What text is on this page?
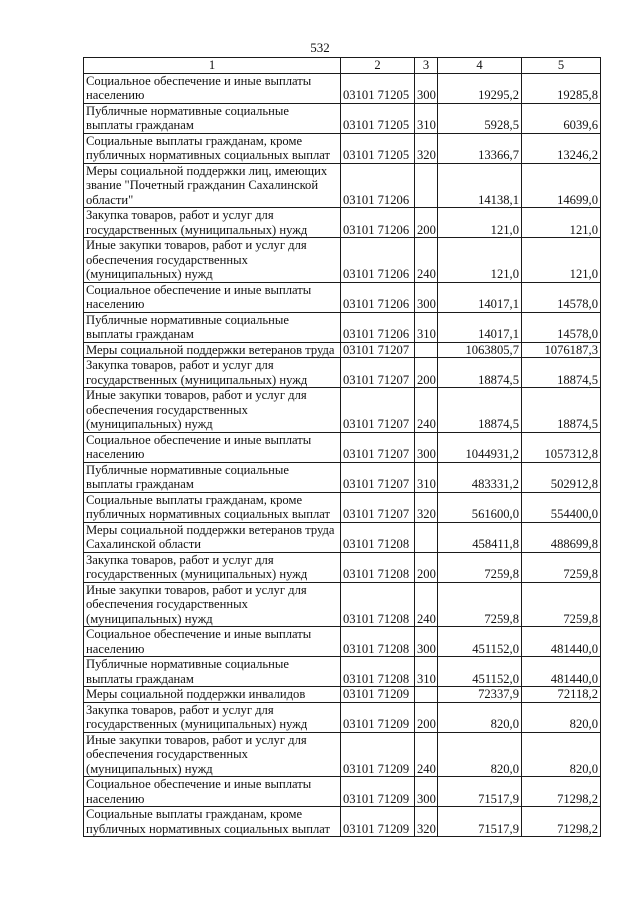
532
1	2	3	4	5
Социальное обеспечение и иные выплаты населению	03101 71205	300	19295,2	19285,8
Публичные нормативные социальные выплаты гражданам	03101 71205	310	5928,5	6039,6
Социальные выплаты гражданам, кроме публичных нормативных социальных выплат	03101 71205	320	13366,7	13246,2
Меры социальной поддержки лиц, имеющих звание "Почетный гражданин Сахалинской области"	03101 71206		14138,1	14699,0
Закупка товаров, работ и услуг для государственных (муниципальных) нужд	03101 71206	200	121,0	121,0
Иные закупки товаров, работ и услуг для обеспечения государственных (муниципальных) нужд	03101 71206	240	121,0	121,0
Социальное обеспечение и иные выплаты населению	03101 71206	300	14017,1	14578,0
Публичные нормативные социальные выплаты гражданам	03101 71206	310	14017,1	14578,0
Меры социальной поддержки ветеранов труда	03101 71207		1063805,7	1076187,3
Закупка товаров, работ и услуг для государственных (муниципальных) нужд	03101 71207	200	18874,5	18874,5
Иные закупки товаров, работ и услуг для обеспечения государственных (муниципальных) нужд	03101 71207	240	18874,5	18874,5
Социальное обеспечение и иные выплаты населению	03101 71207	300	1044931,2	1057312,8
Публичные нормативные социальные выплаты гражданам	03101 71207	310	483331,2	502912,8
Социальные выплаты гражданам, кроме публичных нормативных социальных выплат	03101 71207	320	561600,0	554400,0
Меры социальной поддержки ветеранов труда Сахалинской области	03101 71208		458411,8	488699,8
Закупка товаров, работ и услуг для государственных (муниципальных) нужд	03101 71208	200	7259,8	7259,8
Иные закупки товаров, работ и услуг для обеспечения государственных (муниципальных) нужд	03101 71208	240	7259,8	7259,8
Социальное обеспечение и иные выплаты населению	03101 71208	300	451152,0	481440,0
Публичные нормативные социальные выплаты гражданам	03101 71208	310	451152,0	481440,0
Меры социальной поддержки инвалидов	03101 71209		72337,9	72118,2
Закупка товаров, работ и услуг для государственных (муниципальных) нужд	03101 71209	200	820,0	820,0
Иные закупки товаров, работ и услуг для обеспечения государственных (муниципальных) нужд	03101 71209	240	820,0	820,0
Социальное обеспечение и иные выплаты населению	03101 71209	300	71517,9	71298,2
Социальные выплаты гражданам, кроме публичных нормативных социальных выплат	03101 71209	320	71517,9	71298,2
